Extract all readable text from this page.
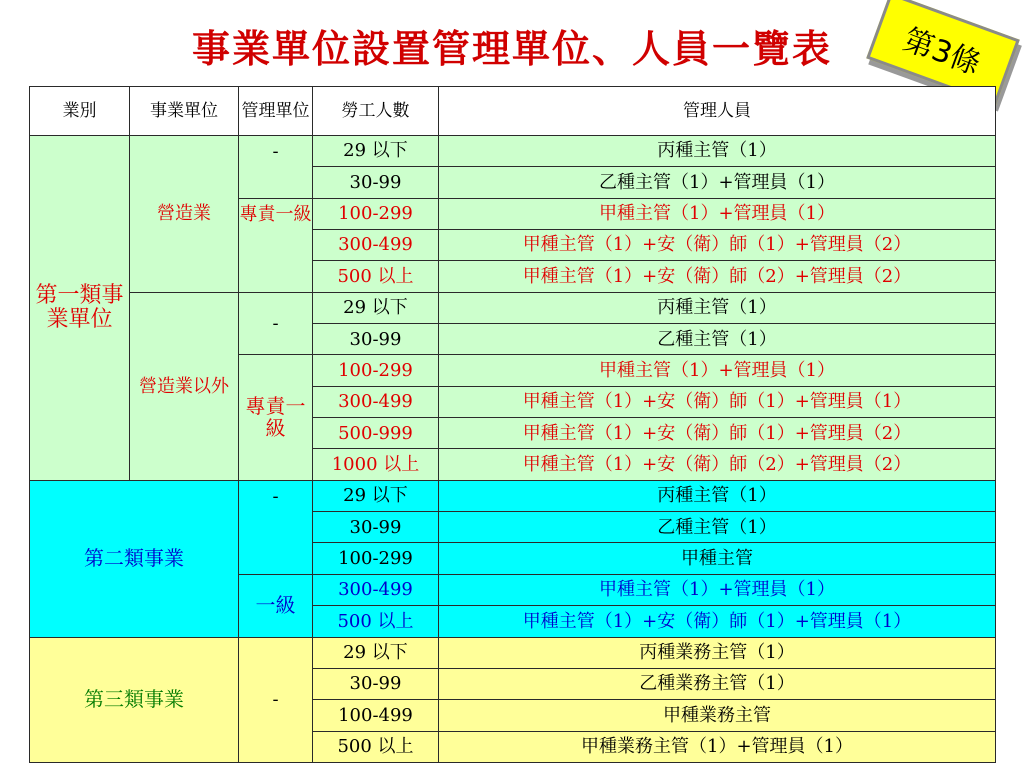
事業單位設置管理單位、人員一覽表	第3條
業別	事業單位	管理單位	勞工人數	管理人員
第一類事業單位	營造業	-	29 以下	丙種主管（1）
			30-99	乙種主管（1）+管理員（1）
		專責一級	100-299	甲種主管（1）+管理員（1）
			300-499	甲種主管（1）+安（衛）師（1）+管理員（2）
			500 以上	甲種主管（1）+安（衛）師（2）+管理員（2）
	營造業以外	-	29 以下	丙種主管（1）
			30-99	乙種主管（1）
		專責一級	100-299	甲種主管（1）+管理員（1）
			300-499	甲種主管（1）+安（衛）師（1）+管理員（1）
			500-999	甲種主管（1）+安（衛）師（1）+管理員（2）
			1000 以上	甲種主管（1）+安（衛）師（2）+管理員（2）
第二類事業		-	29 以下	丙種主管（1）
			30-99	乙種主管（1）
			100-299	甲種主管
		一級	300-499	甲種主管（1）+管理員（1）
			500 以上	甲種主管（1）+安（衛）師（1）+管理員（1）
第三類事業		-	29 以下	丙種業務主管（1）
			30-99	乙種業務主管（1）
			100-499	甲種業務主管
			500 以上	甲種業務主管（1）+管理員（1）
